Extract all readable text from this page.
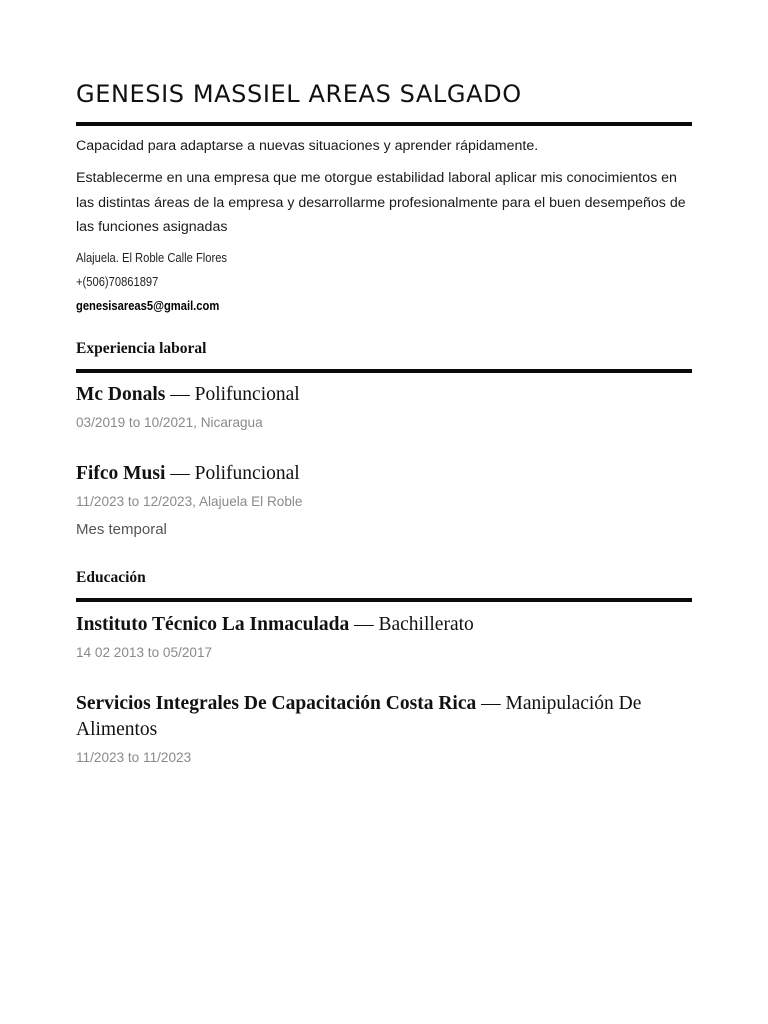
GENESIS MASSIEL AREAS SALGADO
Capacidad para adaptarse a nuevas situaciones y aprender rápidamente.
Establecerme en una empresa que me otorgue estabilidad laboral aplicar mis conocimientos en las distintas áreas de la empresa y desarrollarme profesionalmente para el buen desempeños de las funciones asignadas
Alajuela. El Roble Calle Flores
+(506)70861897
genesisareas5@gmail.com
Experiencia laboral
Mc Donals — Polifuncional
03/2019 to 10/2021, Nicaragua
Fifco Musi — Polifuncional
11/2023 to 12/2023, Alajuela El Roble
Mes temporal
Educación
Instituto Técnico La Inmaculada — Bachillerato
14 02 2013 to 05/2017
Servicios Integrales De Capacitación Costa Rica — Manipulación De Alimentos
11/2023 to 11/2023
